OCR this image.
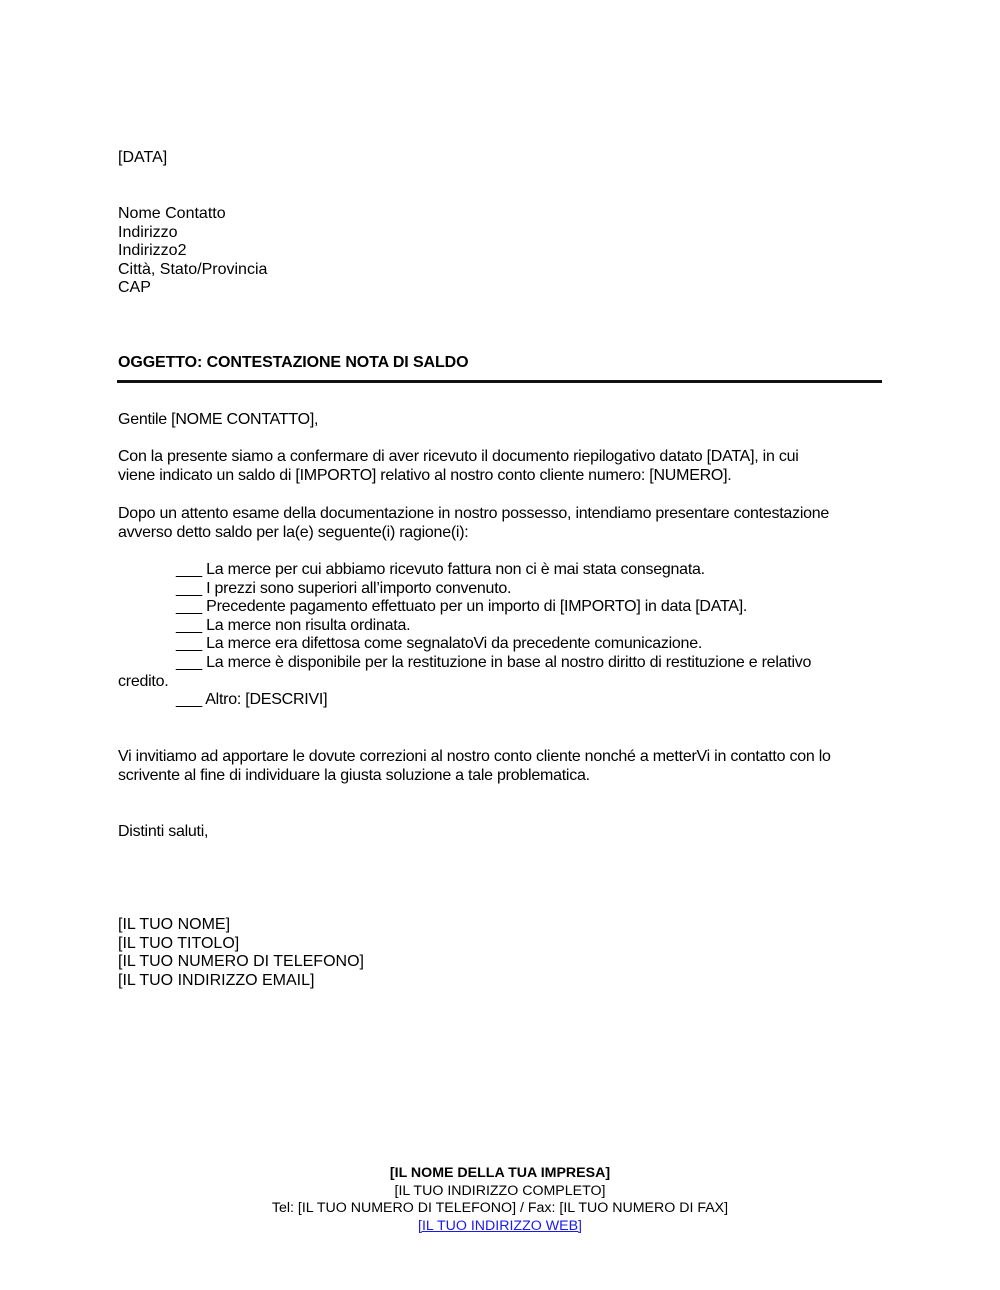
[DATA]
Nome Contatto
Indirizzo
Indirizzo2
Città, Stato/Provincia
CAP
OGGETTO: CONTESTAZIONE NOTA DI SALDO
Gentile [NOME CONTATTO],
Con la presente siamo a confermare di aver ricevuto il documento riepilogativo datato [DATA], in cui
viene indicato un saldo di [IMPORTO] relativo al nostro conto cliente numero: [NUMERO].
Dopo un attento esame della documentazione in nostro possesso, intendiamo presentare contestazione
avverso detto saldo per la(e) seguente(i) ragione(i):
___ La merce per cui abbiamo ricevuto fattura non ci è mai stata consegnata.
___ I prezzi sono superiori all’importo convenuto.
___ Precedente pagamento effettuato per un importo di [IMPORTO] in data [DATA].
___ La merce non risulta ordinata.
___ La merce era difettosa come segnalatoVi da precedente comunicazione.
___ La merce è disponibile per la restituzione in base al nostro diritto di restituzione e relativo
credito.
___ Altro: [DESCRIVI]
Vi invitiamo ad apportare le dovute correzioni al nostro conto cliente nonché a metterVi in contatto con lo
scrivente al fine di individuare la giusta soluzione a tale problematica.
Distinti saluti,
[IL TUO NOME]
[IL TUO TITOLO]
[IL TUO NUMERO DI TELEFONO]
[IL TUO INDIRIZZO EMAIL]
[IL NOME DELLA TUA IMPRESA]
[IL TUO INDIRIZZO COMPLETO]
Tel: [IL TUO NUMERO DI TELEFONO] / Fax: [IL TUO NUMERO DI FAX]
[IL TUO INDIRIZZO WEB]
